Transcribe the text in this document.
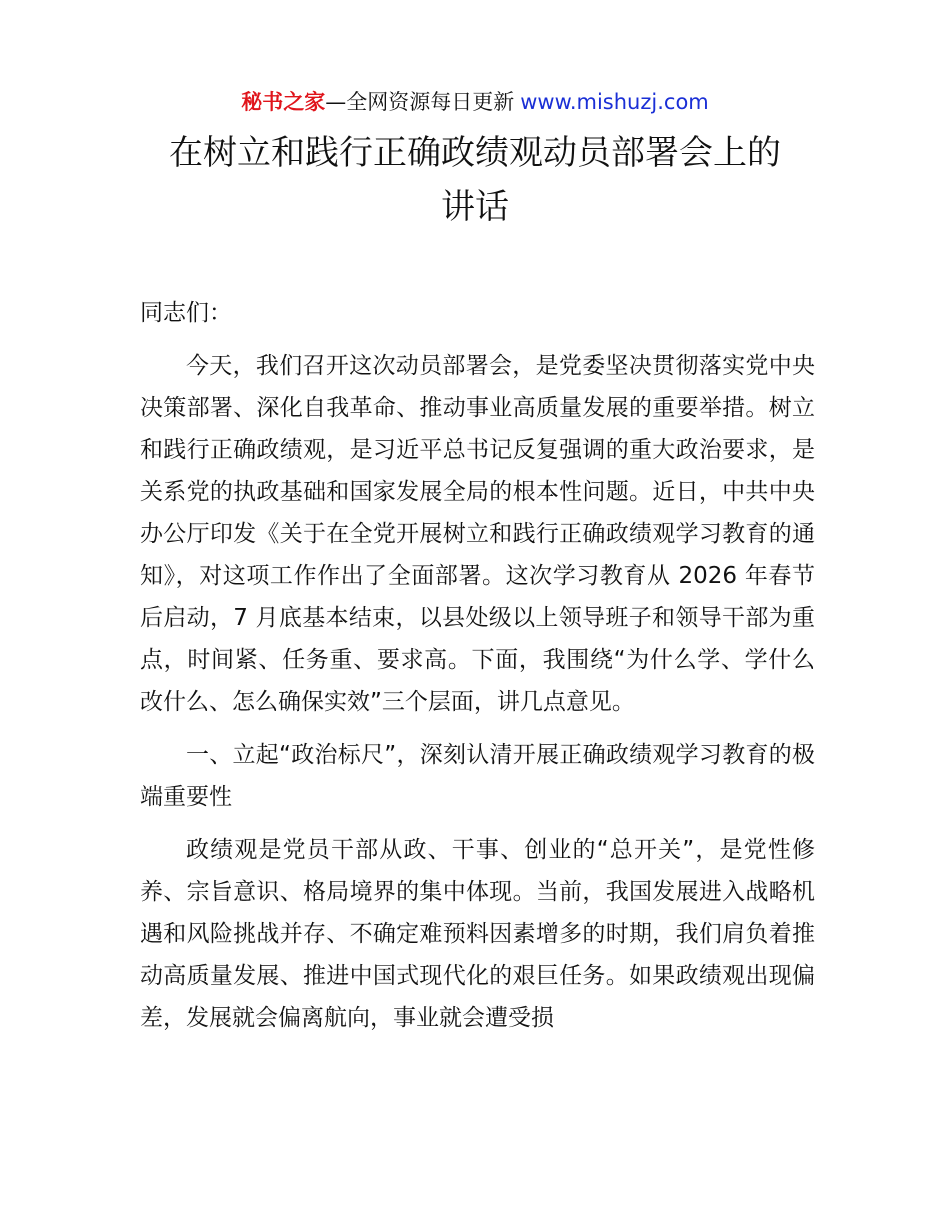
秘书之家—全网资源每日更新 www.mishuzj.com
在树立和践行正确政绩观动员部署会上的
讲话

同志们：

今天，我们召开这次动员部署会，是党委坚决贯彻落实党中央决策部署、深化自我革命、推动事业高质量发展的重要举措。树立和践行正确政绩观，是习近平总书记反复强调的重大政治要求，是关系党的执政基础和国家发展全局的根本性问题。近日，中共中央办公厅印发《关于在全党开展树立和践行正确政绩观学习教育的通知》，对这项工作作出了全面部署。这次学习教育从 2026 年春节后启动，7 月底基本结束，以县处级以上领导班子和领导干部为重点，时间紧、任务重、要求高。下面，我围绕“为什么学、学什么改什么、怎么确保实效”三个层面，讲几点意见。

一、立起“政治标尺”，深刻认清开展正确政绩观学习教育的极端重要性

政绩观是党员干部从政、干事、创业的“总开关”，是党性修养、宗旨意识、格局境界的集中体现。当前，我国发展进入战略机遇和风险挑战并存、不确定难预料因素增多的时期，我们肩负着推动高质量发展、推进中国式现代化的艰巨任务。如果政绩观出现偏差，发展就会偏离航向，事业就会遭受损
